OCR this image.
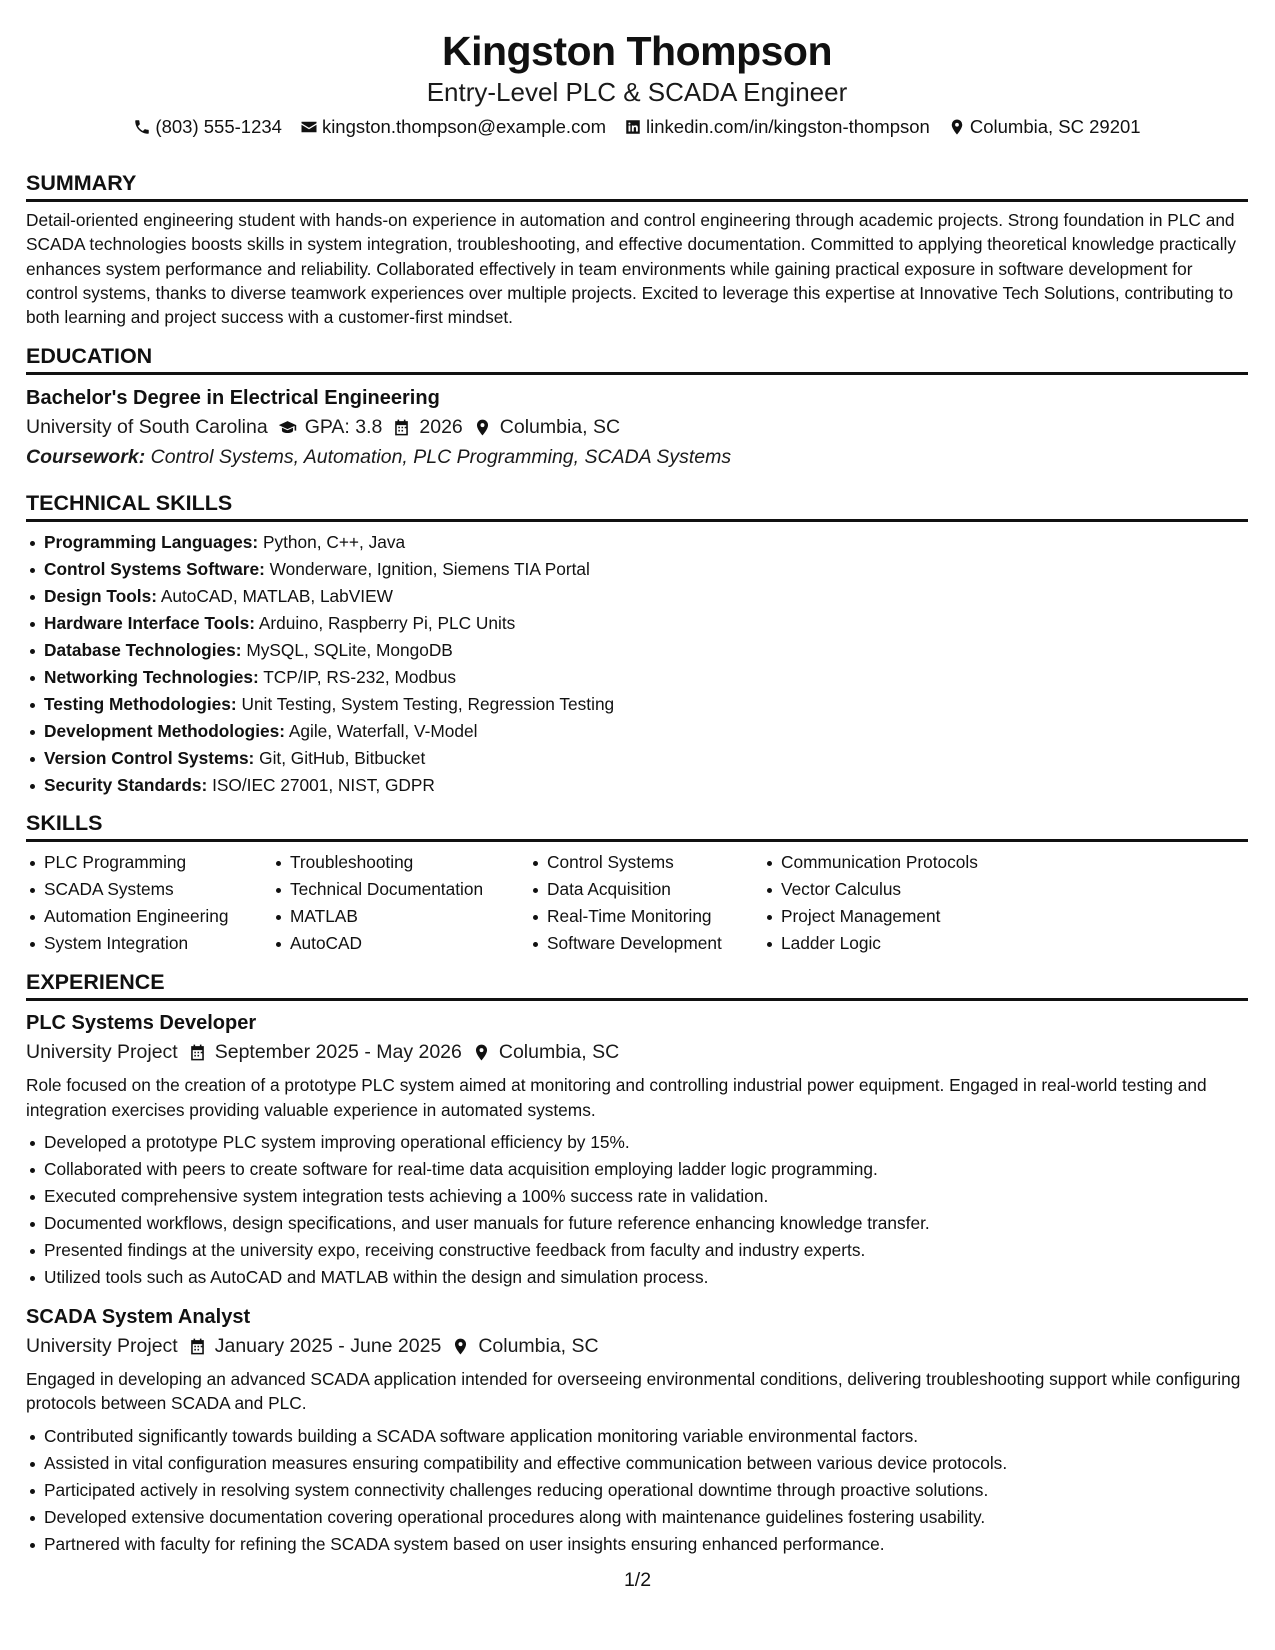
Kingston Thompson
Entry-Level PLC & SCADA Engineer
(803) 555-1234 kingston.thompson@example.com linkedin.com/in/kingston-thompson Columbia, SC 29201
SUMMARY
Detail-oriented engineering student with hands-on experience in automation and control engineering through academic projects. Strong foundation in PLC and SCADA technologies boosts skills in system integration, troubleshooting, and effective documentation. Committed to applying theoretical knowledge practically enhances system performance and reliability. Collaborated effectively in team environments while gaining practical exposure in software development for control systems, thanks to diverse teamwork experiences over multiple projects. Excited to leverage this expertise at Innovative Tech Solutions, contributing to both learning and project success with a customer-first mindset.
EDUCATION
Bachelor's Degree in Electrical Engineering
University of South Carolina GPA: 3.8 2026 Columbia, SC
Coursework: Control Systems, Automation, PLC Programming, SCADA Systems
TECHNICAL SKILLS
Programming Languages: Python, C++, Java
Control Systems Software: Wonderware, Ignition, Siemens TIA Portal
Design Tools: AutoCAD, MATLAB, LabVIEW
Hardware Interface Tools: Arduino, Raspberry Pi, PLC Units
Database Technologies: MySQL, SQLite, MongoDB
Networking Technologies: TCP/IP, RS-232, Modbus
Testing Methodologies: Unit Testing, System Testing, Regression Testing
Development Methodologies: Agile, Waterfall, V-Model
Version Control Systems: Git, GitHub, Bitbucket
Security Standards: ISO/IEC 27001, NIST, GDPR
SKILLS
PLC Programming
SCADA Systems
Automation Engineering
System Integration
Troubleshooting
Technical Documentation
MATLAB
AutoCAD
Control Systems
Data Acquisition
Real-Time Monitoring
Software Development
Communication Protocols
Vector Calculus
Project Management
Ladder Logic
EXPERIENCE
PLC Systems Developer
University Project September 2025 - May 2026 Columbia, SC
Role focused on the creation of a prototype PLC system aimed at monitoring and controlling industrial power equipment. Engaged in real-world testing and integration exercises providing valuable experience in automated systems.
Developed a prototype PLC system improving operational efficiency by 15%.
Collaborated with peers to create software for real-time data acquisition employing ladder logic programming.
Executed comprehensive system integration tests achieving a 100% success rate in validation.
Documented workflows, design specifications, and user manuals for future reference enhancing knowledge transfer.
Presented findings at the university expo, receiving constructive feedback from faculty and industry experts.
Utilized tools such as AutoCAD and MATLAB within the design and simulation process.
SCADA System Analyst
University Project January 2025 - June 2025 Columbia, SC
Engaged in developing an advanced SCADA application intended for overseeing environmental conditions, delivering troubleshooting support while configuring protocols between SCADA and PLC.
Contributed significantly towards building a SCADA software application monitoring variable environmental factors.
Assisted in vital configuration measures ensuring compatibility and effective communication between various device protocols.
Participated actively in resolving system connectivity challenges reducing operational downtime through proactive solutions.
Developed extensive documentation covering operational procedures along with maintenance guidelines fostering usability.
Partnered with faculty for refining the SCADA system based on user insights ensuring enhanced performance.
1/2
